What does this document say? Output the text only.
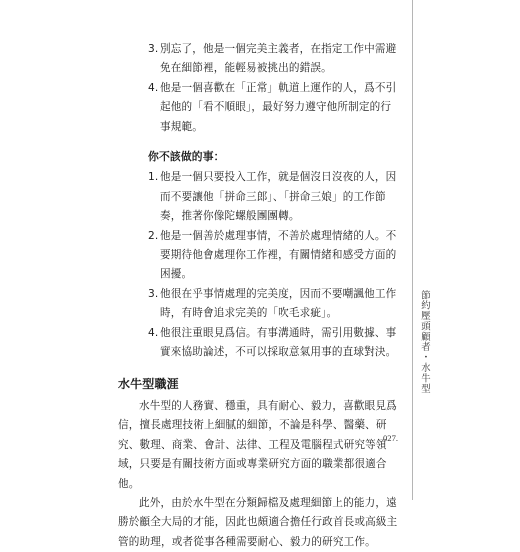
3. 別忘了，他是一個完美主義者，在指定工作中需避免在細節裡，能輕易被挑出的錯誤。
4. 他是一個喜歡在「正常」軌道上運作的人，爲不引起他的「看不順眼」，最好努力遵守他所制定的行事規範。
你不該做的事：
1. 他是一個只要投入工作，就是個沒日沒夜的人，因而不要讓他「拼命三郎」、「拼命三娘」的工作節奏，推著你像陀螺般團團轉。
2. 他是一個善於處理事情，不善於處理情緒的人。不要期待他會處理你工作裡，有關情緒和感受方面的困擾。
3. 他很在乎事情處理的完美度，因而不要嘲諷他工作時，有時會追求完美的「吹毛求疵」。
4. 他很注重眼見爲信。有事溝通時，需引用數據、事實來協助論述，不可以採取意氣用事的直球對決。
水牛型職涯

水牛型的人務實、穩重，具有耐心、毅力，喜歡眼見爲信，擅長處理技術上細膩的細節，不論是科學、醫藥、研究、數理、商業、會計、法律、工程及電腦程式研究等領域，只要是有關技術方面或專業研究方面的職業都很適合他。

此外，由於水牛型在分類歸檔及處理細節上的能力，遠勝於顧全大局的才能，因此也頗適合擔任行政首長或高級主管的助理，或者從事各種需要耐心、毅力的研究工作。

節約壓頭顧者・水牛型
027.
